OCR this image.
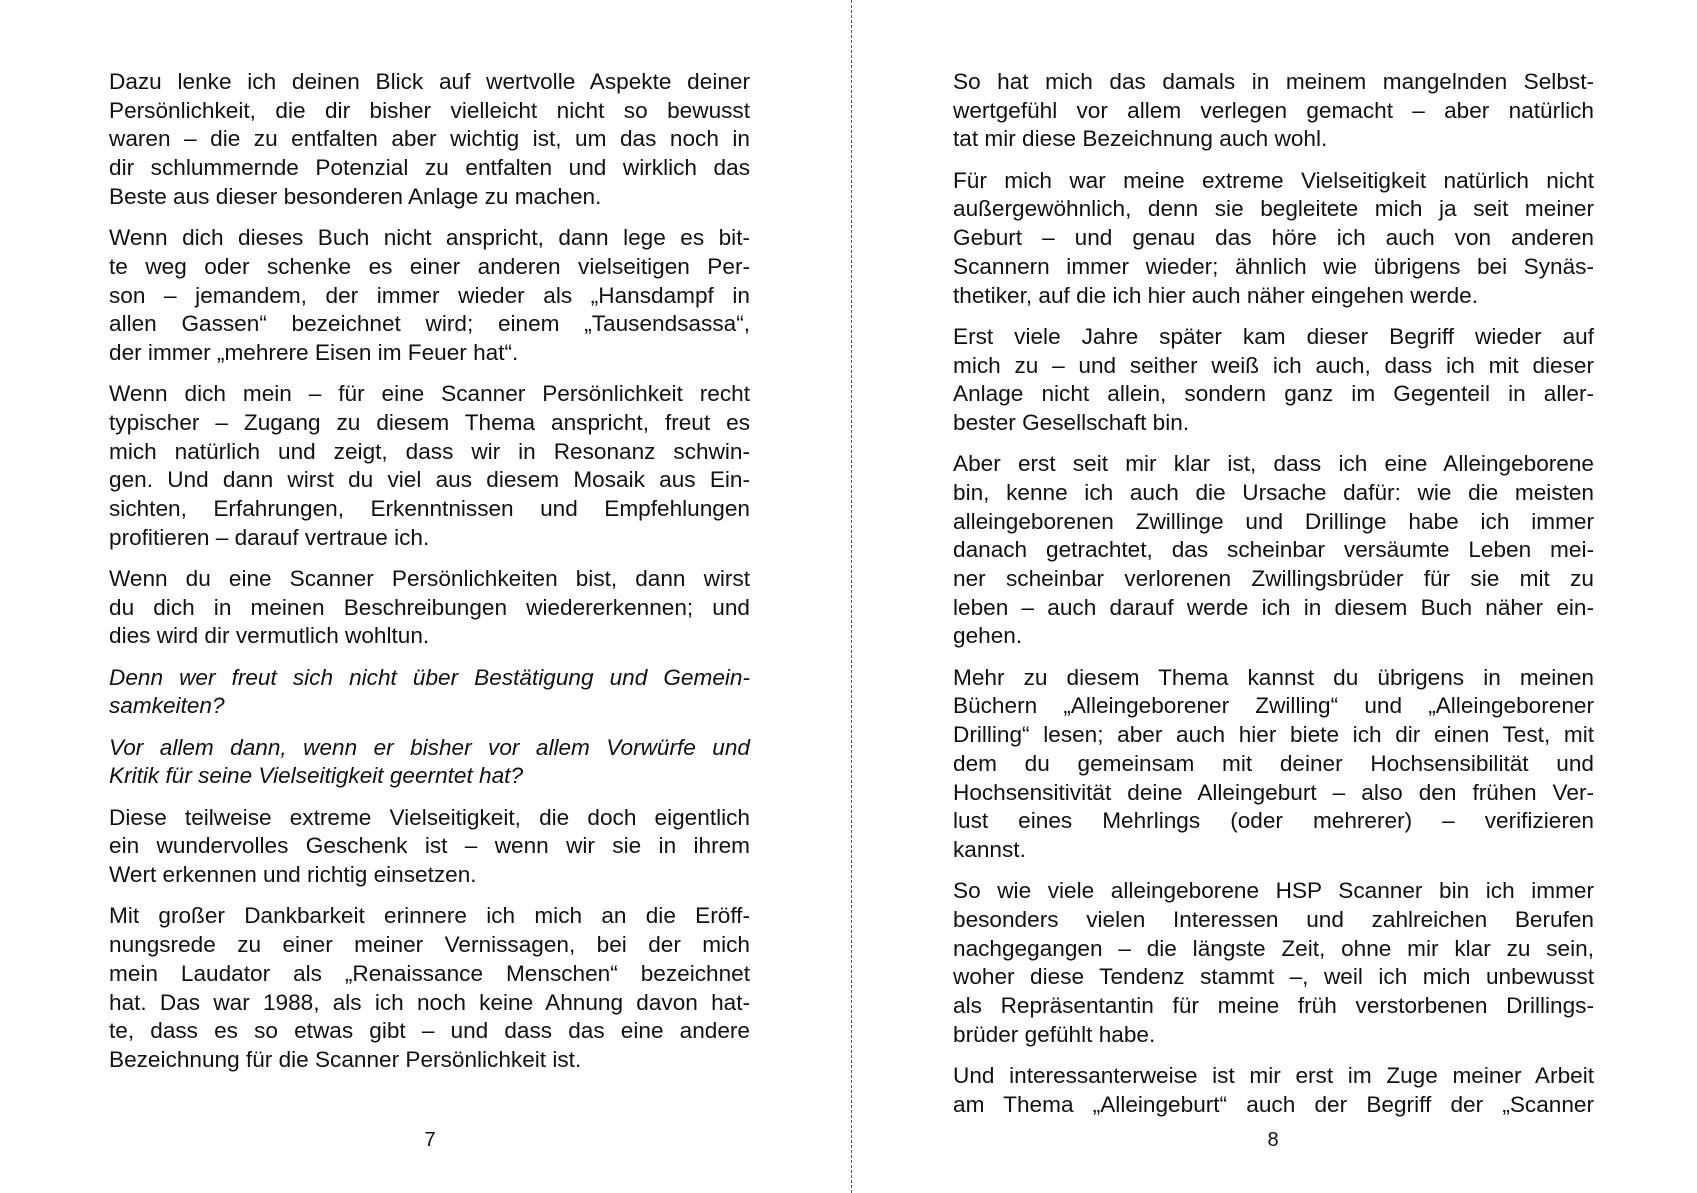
Dazu lenke ich deinen Blick auf wertvolle Aspekte deiner
Persönlichkeit, die dir bisher vielleicht nicht so bewusst
waren – die zu entfalten aber wichtig ist, um das noch in
dir schlummernde Potenzial zu entfalten und wirklich das
Beste aus dieser besonderen Anlage zu machen.
Wenn dich dieses Buch nicht anspricht, dann lege es bit-
te weg oder schenke es einer anderen vielseitigen Per-
son – jemandem, der immer wieder als „Hansdampf in
allen Gassen“ bezeichnet wird; einem „Tausendsassa“,
der immer „mehrere Eisen im Feuer hat“.
Wenn dich mein – für eine Scanner Persönlichkeit recht
typischer – Zugang zu diesem Thema anspricht, freut es
mich natürlich und zeigt, dass wir in Resonanz schwin-
gen. Und dann wirst du viel aus diesem Mosaik aus Ein-
sichten, Erfahrungen, Erkenntnissen und Empfehlungen
profitieren – darauf vertraue ich.
Wenn du eine Scanner Persönlichkeiten bist, dann wirst
du dich in meinen Beschreibungen wiedererkennen; und
dies wird dir vermutlich wohltun.
Denn wer freut sich nicht über Bestätigung und Gemein-
samkeiten?
Vor allem dann, wenn er bisher vor allem Vorwürfe und
Kritik für seine Vielseitigkeit geerntet hat?
Diese teilweise extreme Vielseitigkeit, die doch eigentlich
ein wundervolles Geschenk ist – wenn wir sie in ihrem
Wert erkennen und richtig einsetzen.
Mit großer Dankbarkeit erinnere ich mich an die Eröff-
nungsrede zu einer meiner Vernissagen, bei der mich
mein Laudator als „Renaissance Menschen“ bezeichnet
hat. Das war 1988, als ich noch keine Ahnung davon hat-
te, dass es so etwas gibt – und dass das eine andere
Bezeichnung für die Scanner Persönlichkeit ist.
So hat mich das damals in meinem mangelnden Selbst-
wertgefühl vor allem verlegen gemacht – aber natürlich
tat mir diese Bezeichnung auch wohl.
Für mich war meine extreme Vielseitigkeit natürlich nicht
außergewöhnlich, denn sie begleitete mich ja seit meiner
Geburt – und genau das höre ich auch von anderen
Scannern immer wieder; ähnlich wie übrigens bei Synäs-
thetiker, auf die ich hier auch näher eingehen werde.
Erst viele Jahre später kam dieser Begriff wieder auf
mich zu – und seither weiß ich auch, dass ich mit dieser
Anlage nicht allein, sondern ganz im Gegenteil in aller-
bester Gesellschaft bin.
Aber erst seit mir klar ist, dass ich eine Alleingeborene
bin, kenne ich auch die Ursache dafür: wie die meisten
alleingeborenen Zwillinge und Drillinge habe ich immer
danach getrachtet, das scheinbar versäumte Leben mei-
ner scheinbar verlorenen Zwillingsbrüder für sie mit zu
leben – auch darauf werde ich in diesem Buch näher ein-
gehen.
Mehr zu diesem Thema kannst du übrigens in meinen
Büchern „Alleingeborener Zwilling“ und „Alleingeborener
Drilling“ lesen; aber auch hier biete ich dir einen Test, mit
dem du gemeinsam mit deiner Hochsensibilität und
Hochsensitivität deine Alleingeburt – also den frühen Ver-
lust eines Mehrlings (oder mehrerer) – verifizieren
kannst.
So wie viele alleingeborene HSP Scanner bin ich immer
besonders vielen Interessen und zahlreichen Berufen
nachgegangen – die längste Zeit, ohne mir klar zu sein,
woher diese Tendenz stammt –, weil ich mich unbewusst
als Repräsentantin für meine früh verstorbenen Drillings-
brüder gefühlt habe.
Und interessanterweise ist mir erst im Zuge meiner Arbeit
am Thema „Alleingeburt“ auch der Begriff der „Scanner
7	8
